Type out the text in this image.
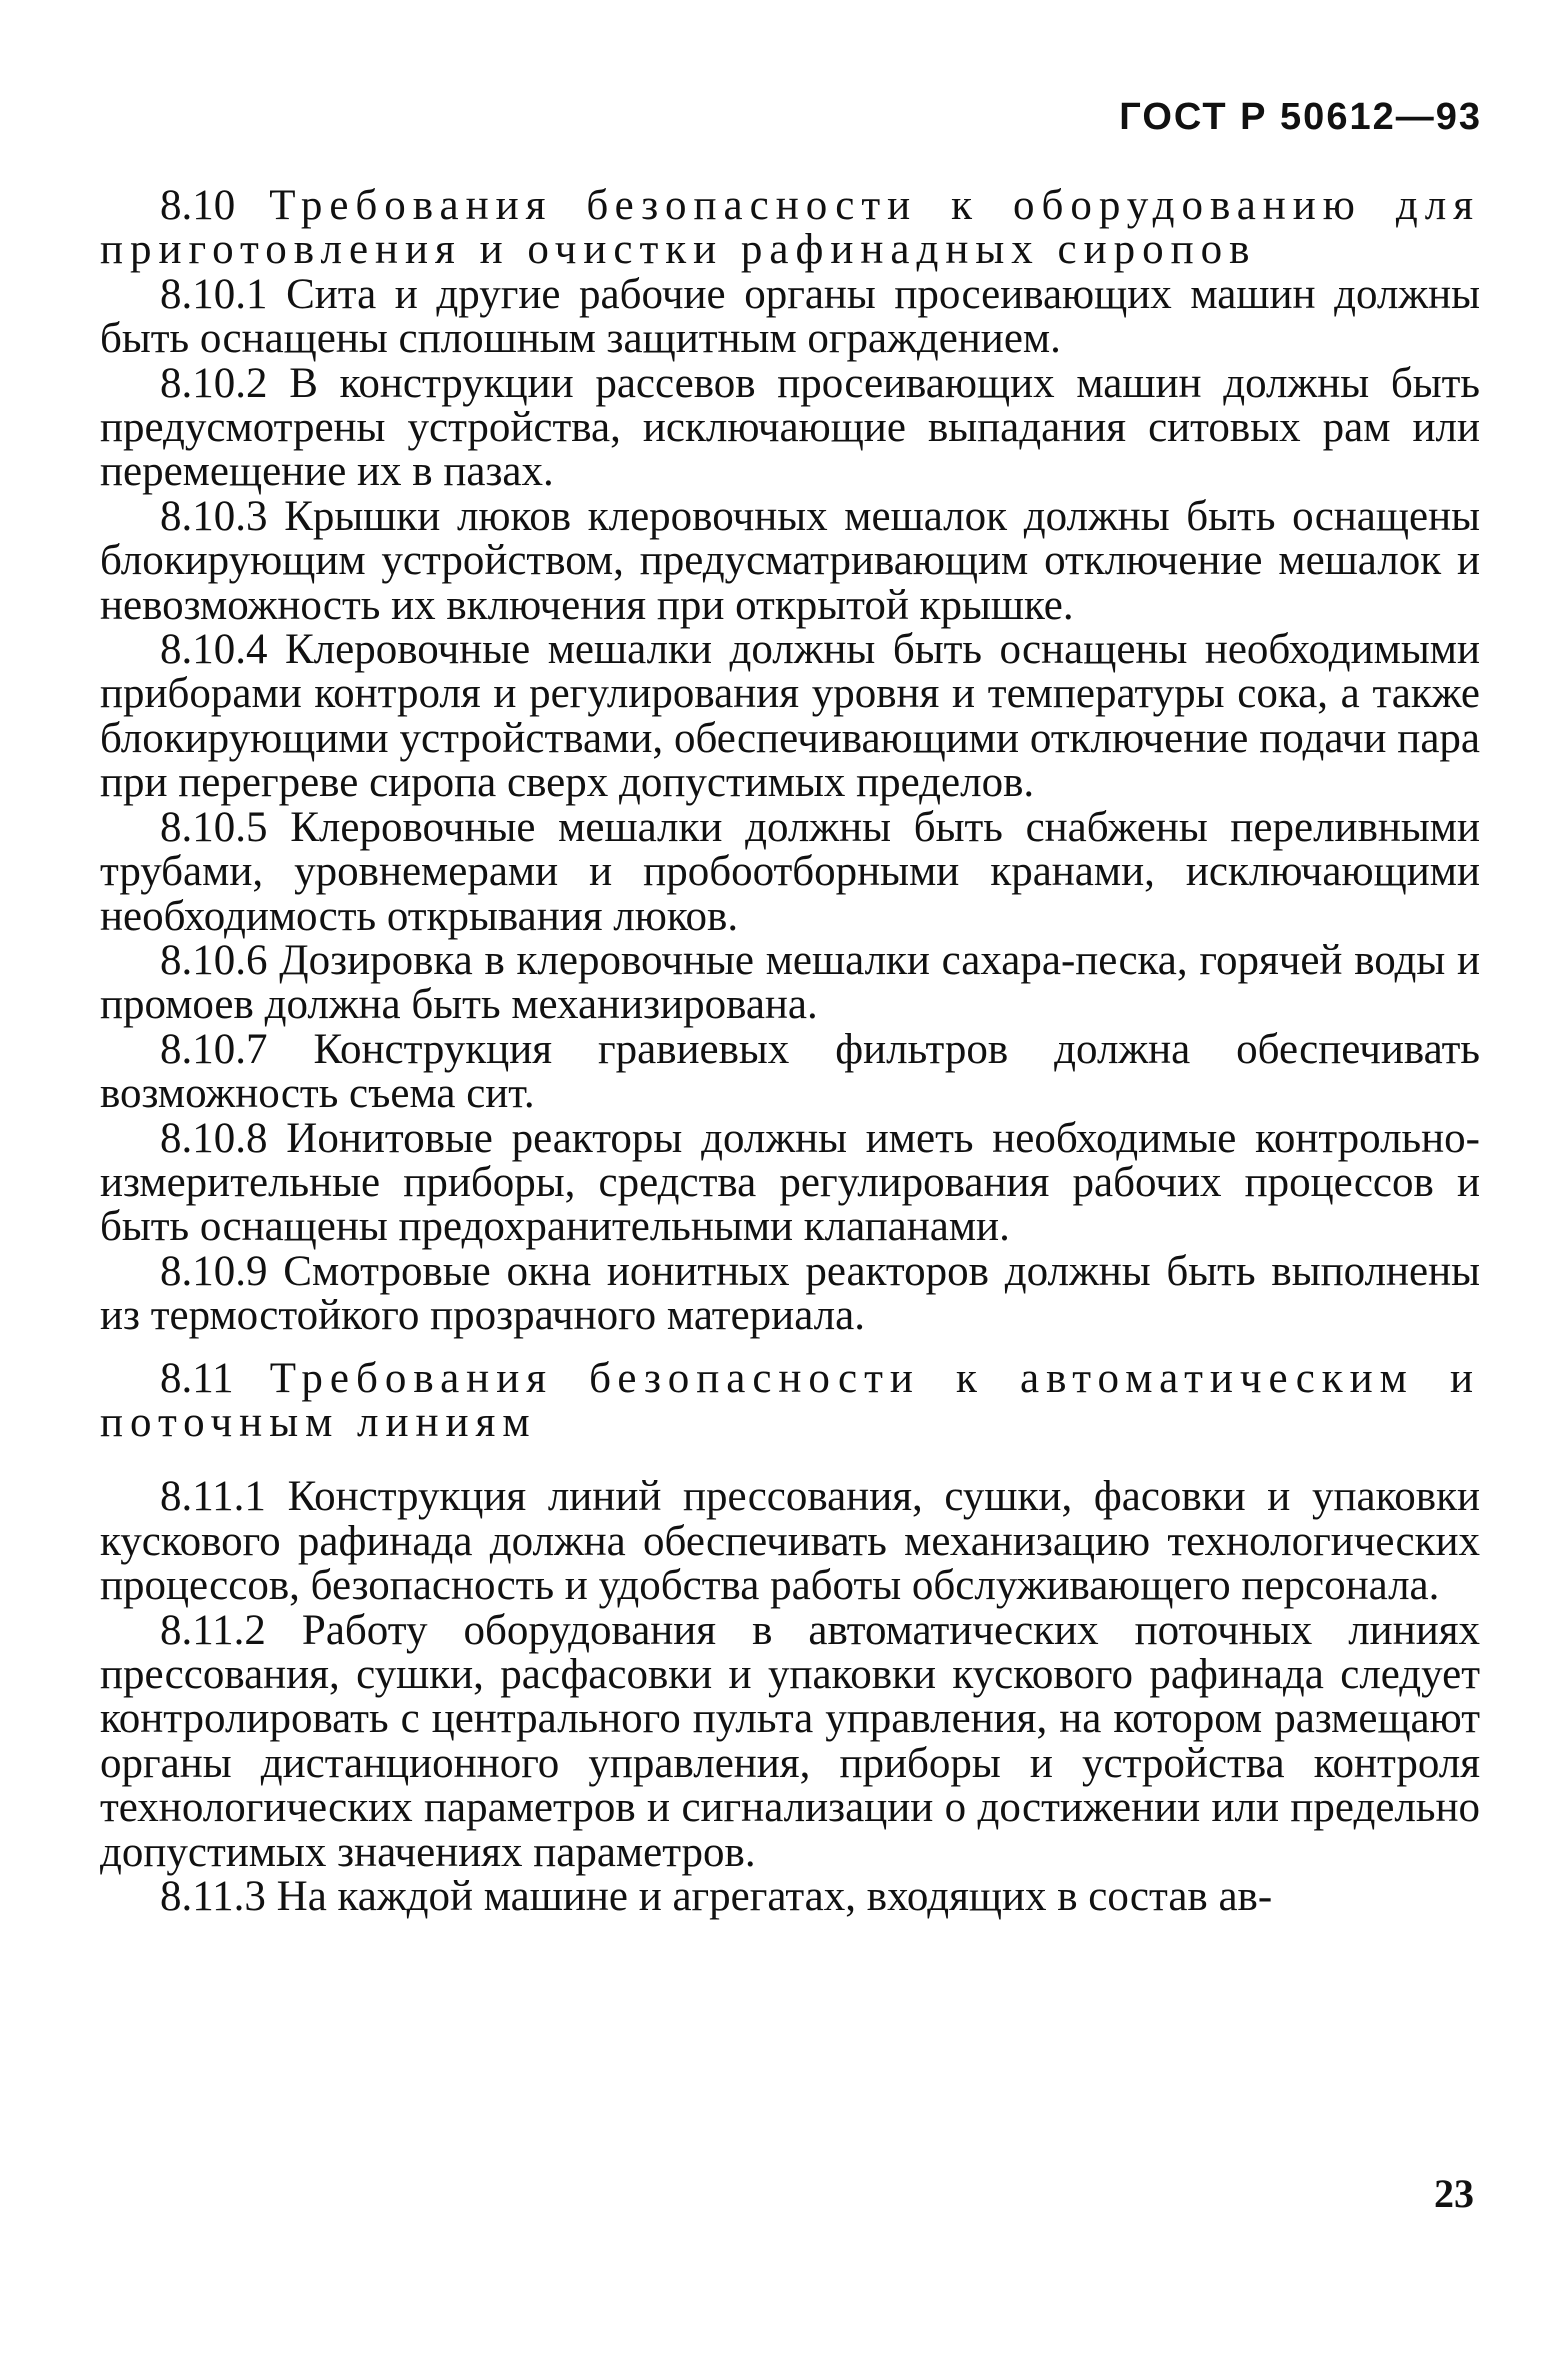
ГОСТ Р 50612—93

8.10 Требования безопасности к оборудованию для приготовления и очистки рафинадных сиропов

8.10.1 Сита и другие рабочие органы просеивающих машин должны быть оснащены сплошным защитным ограждением.

8.10.2 В конструкции рассевов просеивающих машин должны быть предусмотрены устройства, исключающие выпадания ситовых рам или перемещение их в пазах.

8.10.3 Крышки люков клеровочных мешалок должны быть оснащены блокирующим устройством, предусматривающим отключение мешалок и невозможность их включения при открытой крышке.

8.10.4 Клеровочные мешалки должны быть оснащены необходимыми приборами контроля и регулирования уровня и температуры сока, а также блокирующими устройствами, обеспечивающими отключение подачи пара при перегреве сиропа сверх допустимых пределов.

8.10.5 Клеровочные мешалки должны быть снабжены переливными трубами, уровнемерами и пробоотборными кранами, исключающими необходимость открывания люков.

8.10.6 Дозировка в клеровочные мешалки сахара-песка, горячей воды и промоев должна быть механизирована.

8.10.7 Конструкция гравиевых фильтров должна обеспечивать возможность съема сит.

8.10.8 Ионитовые реакторы должны иметь необходимые контрольно-измерительные приборы, средства регулирования рабочих процессов и быть оснащены предохранительными клапанами.

8.10.9 Смотровые окна ионитных реакторов должны быть выполнены из термостойкого прозрачного материала.

8.11 Требования безопасности к автоматическим и поточным линиям

8.11.1 Конструкция линий прессования, сушки, фасовки и упаковки кускового рафинада должна обеспечивать механизацию технологических процессов, безопасность и удобства работы обслуживающего персонала.

8.11.2 Работу оборудования в автоматических поточных линиях прессования, сушки, расфасовки и упаковки кускового рафинада следует контролировать с центрального пульта управления, на котором размещают органы дистанционного управления, приборы и устройства контроля технологических параметров и сигнализации о достижении или предельно допустимых значениях параметров.

8.11.3 На каждой машине и агрегатах, входящих в состав ав-

23
